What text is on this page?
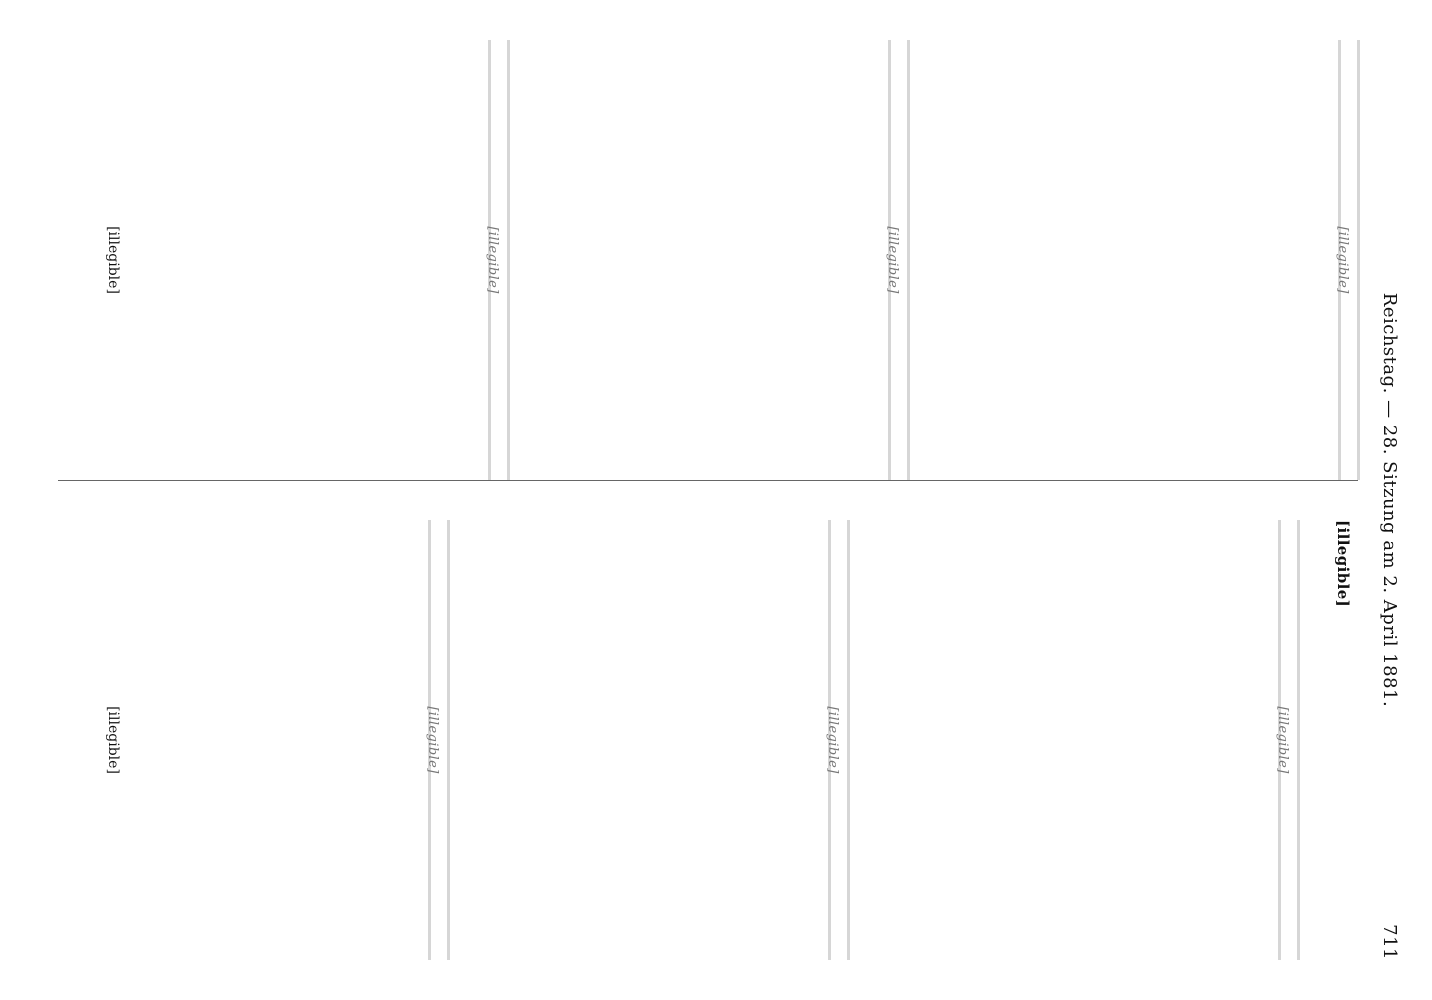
Reichstag. — 28. Sitzung am 2. April 1881.
711
[illegible]
[illegible]
[illegible]
[illegible]
[illegible]
[illegible]
[illegible]
[illegible]
[illegible]
